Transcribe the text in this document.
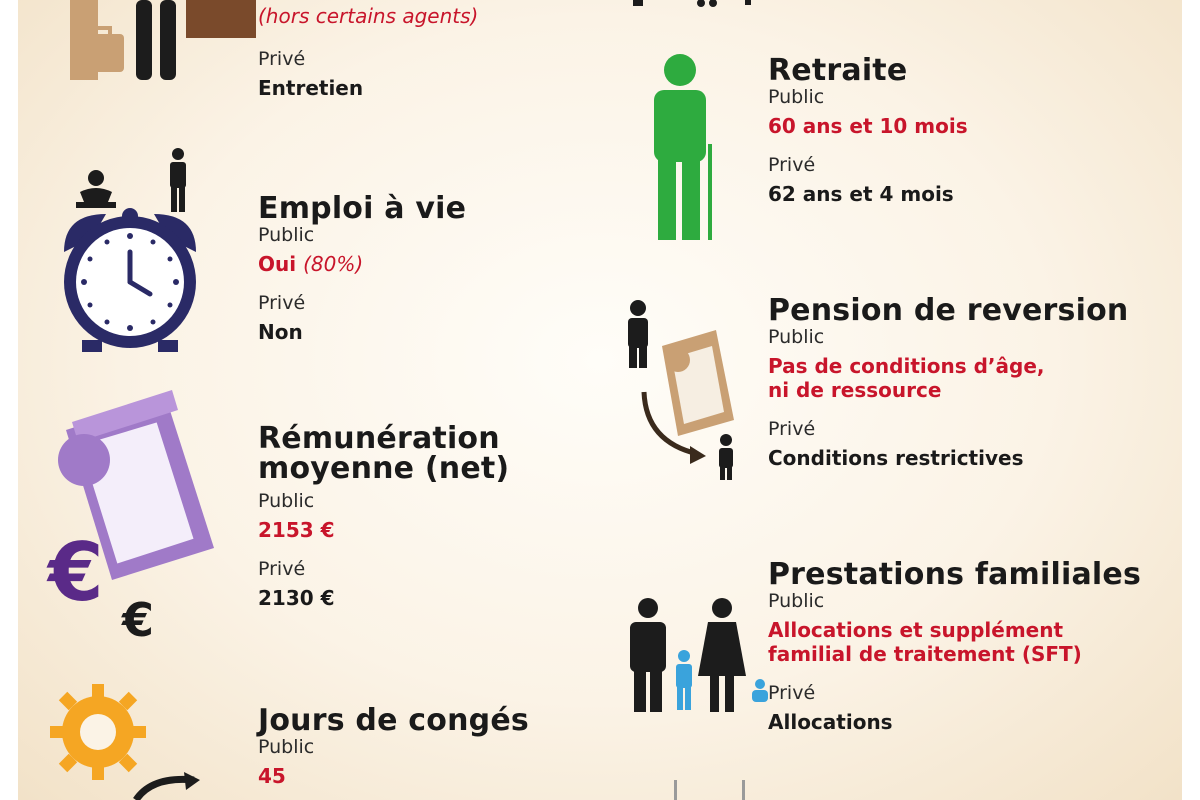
(hors certains agents)
Privé
Entretien
Emploi à vie
Public
Oui (80%)
Privé
Non
€
€
Rémunération
moyenne (net)
Public
2153 €
Privé
2130 €
Jours de congés
Public
45
Retraite
Public
60 ans et 10 mois
Privé
62 ans et 4 mois
Pension de reversion
Public
Pas de conditions d’âge,
ni de ressource
Privé
Conditions restrictives
Prestations familiales
Public
Allocations et supplément
familial de traitement (SFT)
Privé
Allocations
